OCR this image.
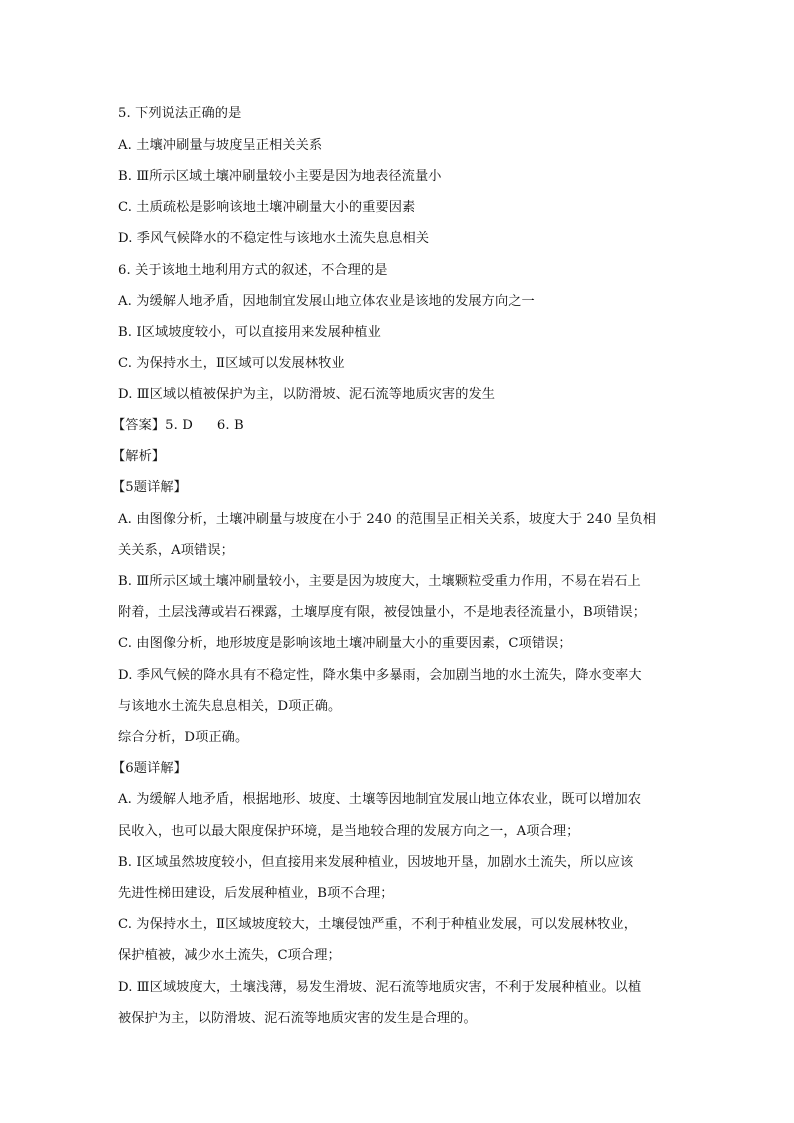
5. 下列说法正确的是
A. 土壤冲刷量与坡度呈正相关关系
B. Ⅲ所示区域土壤冲刷量较小主要是因为地表径流量小
C. 土质疏松是影响该地土壤冲刷量大小的重要因素
D. 季风气候降水的不稳定性与该地水土流失息息相关
6. 关于该地土地利用方式的叙述，不合理的是
A. 为缓解人地矛盾，因地制宜发展山地立体农业是该地的发展方向之一
B. Ⅰ区域坡度较小，可以直接用来发展种植业
C. 为保持水土，Ⅱ区域可以发展林牧业
D. Ⅲ区域以植被保护为主，以防滑坡、泥石流等地质灾害的发生
【答案】5. D 6. B
【解析】
【5题详解】
A. 由图像分析，土壤冲刷量与坡度在小于 240 的范围呈正相关关系，坡度大于 240 呈负相
关关系，A项错误；
B. Ⅲ所示区域土壤冲刷量较小，主要是因为坡度大，土壤颗粒受重力作用，不易在岩石上
附着，土层浅薄或岩石裸露，土壤厚度有限，被侵蚀量小，不是地表径流量小，B项错误；
C. 由图像分析，地形坡度是影响该地土壤冲刷量大小的重要因素，C项错误；
D. 季风气候的降水具有不稳定性，降水集中多暴雨，会加剧当地的水土流失，降水变率大
与该地水土流失息息相关，D项正确。
综合分析，D项正确。
【6题详解】
A. 为缓解人地矛盾，根据地形、坡度、土壤等因地制宜发展山地立体农业，既可以增加农
民收入，也可以最大限度保护环境，是当地较合理的发展方向之一，A项合理；
B. Ⅰ区域虽然坡度较小，但直接用来发展种植业，因坡地开垦，加剧水土流失，所以应该
先进性梯田建设，后发展种植业，B项不合理；
C. 为保持水土，Ⅱ区域坡度较大，土壤侵蚀严重，不利于种植业发展，可以发展林牧业，
保护植被，减少水土流失，C项合理；
D. Ⅲ区域坡度大，土壤浅薄，易发生滑坡、泥石流等地质灾害，不利于发展种植业。以植
被保护为主，以防滑坡、泥石流等地质灾害的发生是合理的。
